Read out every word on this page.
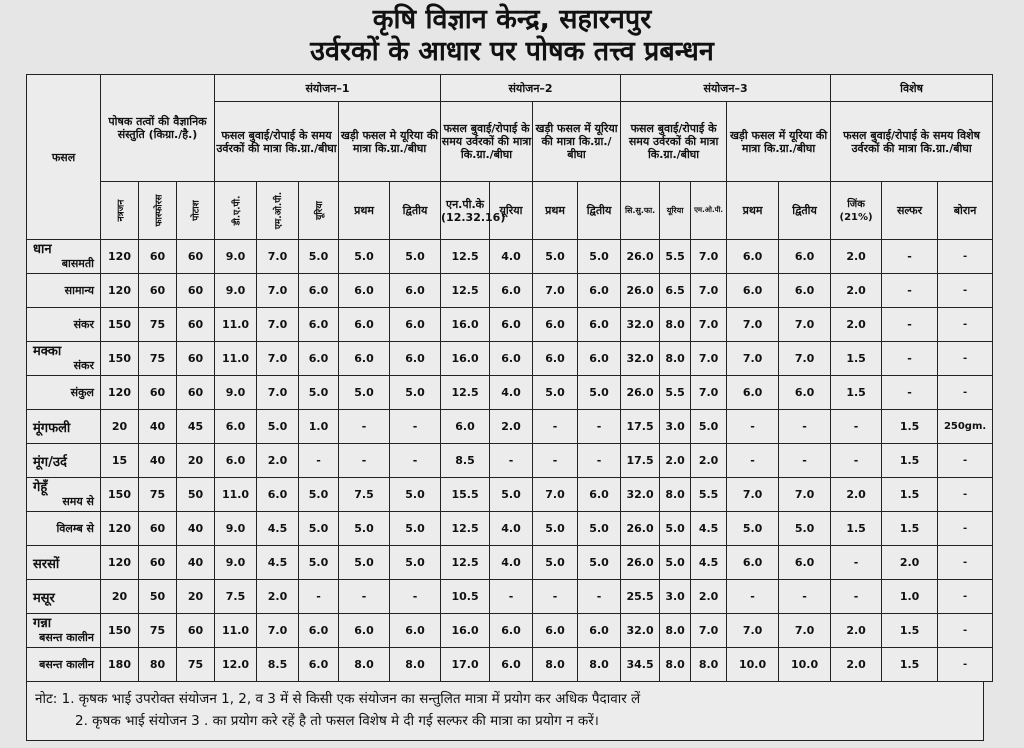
कृषि विज्ञान केन्द्र, सहारनपुर
उर्वरकों के आधार पर पोषक तत्त्व प्रबन्धन
फसल	पोषक तत्वों की वैज्ञानिक संस्तुति (किग्रा./है.)			संयोजन–1					संयोजन–2				संयोजन–3					विशेष		
				फसल बुवाई/रोपाई के समय उर्वरकों की मात्रा कि.ग्रा./बीघा			खड़ी फसल मे यूरिया की मात्रा कि.ग्रा./बीघा		फसल बुवाई/रोपाई के समय उर्वरकों की मात्रा कि.ग्रा./बीघा		खड़ी फसल में यूरिया की मात्रा कि.ग्रा./बीघा		फसल बुवाई/रोपाई के समय उर्वरकों की मात्रा कि.ग्रा./बीघा			खड़ी फसल में यूरिया की मात्रा कि.ग्रा./बीघा		फसल बुवाई/रोपाई के समय विशेष उर्वरकों की मात्रा कि.ग्रा./बीघा		
	नत्रजन	फास्फोरस	पोटाश	डी.ए.पी.	एम.ओ.पी.	यूरिया	प्रथम	द्वितीय	एन.पी.के (12.32.16)	यूरिया	प्रथम	द्वितीय	सि.सु.फा.	यूरिया	एम.ओ.पी.	प्रथम	द्वितीय	जिंक (21%)	सल्फर	बोरान

धान
बासमती	120	60	60	9.0	7.0	5.0	5.0	5.0	12.5	4.0	5.0	5.0	26.0	5.5	7.0	6.0	6.0	2.0	-	-

सामान्य	120	60	60	9.0	7.0	6.0	6.0	6.0	12.5	6.0	7.0	6.0	26.0	6.5	7.0	6.0	6.0	2.0	-	-

संकर	150	75	60	11.0	7.0	6.0	6.0	6.0	16.0	6.0	6.0	6.0	32.0	8.0	7.0	7.0	7.0	2.0	-	-

मक्का
संकर	150	75	60	11.0	7.0	6.0	6.0	6.0	16.0	6.0	6.0	6.0	32.0	8.0	7.0	7.0	7.0	1.5	-	-

संकुल	120	60	60	9.0	7.0	5.0	5.0	5.0	12.5	4.0	5.0	5.0	26.0	5.5	7.0	6.0	6.0	1.5	-	-
मूंगफली	20	40	45	6.0	5.0	1.0	-	-	6.0	2.0	-	-	17.5	3.0	5.0	-	-	-	1.5	250gm.
मूंग/उर्द	15	40	20	6.0	2.0	-	-	-	8.5	-	-	-	17.5	2.0	2.0	-	-	-	1.5	-

गेहूँ
समय से	150	75	50	11.0	6.0	5.0	7.5	5.0	15.5	5.0	7.0	6.0	32.0	8.0	5.5	7.0	7.0	2.0	1.5	-

विलम्ब से	120	60	40	9.0	4.5	5.0	5.0	5.0	12.5	4.0	5.0	5.0	26.0	5.0	4.5	5.0	5.0	1.5	1.5	-
सरसों	120	60	40	9.0	4.5	5.0	5.0	5.0	12.5	4.0	5.0	5.0	26.0	5.0	4.5	6.0	6.0	-	2.0	-
मसूर	20	50	20	7.5	2.0	-	-	-	10.5	-	-	-	25.5	3.0	2.0	-	-	-	1.0	-

गन्ना
बसन्त कालीन	150	75	60	11.0	7.0	6.0	6.0	6.0	16.0	6.0	6.0	6.0	32.0	8.0	7.0	7.0	7.0	2.0	1.5	-

बसन्त कालीन	180	80	75	12.0	8.5	6.0	8.0	8.0	17.0	6.0	8.0	8.0	34.5	8.0	8.0	10.0	10.0	2.0	1.5	-
नोट: 1. कृषक भाई उपरोक्त संयोजन 1, 2, व 3 में से किसी एक संयोजन का सन्तुलित मात्रा में प्रयोग कर अधिक पैदावार लें
2. कृषक भाई संयोजन 3 . का प्रयोग करे रहें है तो फसल विशेष मे दी गई सल्फर की मात्रा का प्रयोग न करें।
